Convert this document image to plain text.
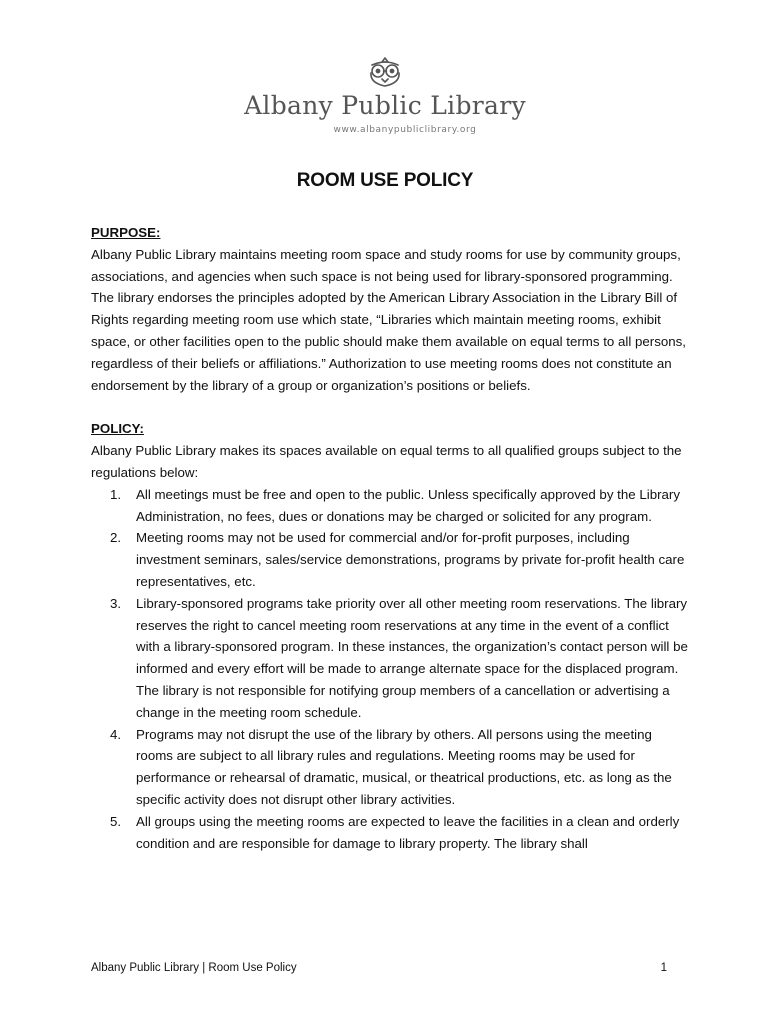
Albany Public Library
www.albanypubliclibrary.org
ROOM USE POLICY
PURPOSE:

Albany Public Library maintains meeting room space and study rooms for use by community groups, associations, and agencies when such space is not being used for library-sponsored programming. The library endorses the principles adopted by the American Library Association in the Library Bill of Rights regarding meeting room use which state, “Libraries which maintain meeting rooms, exhibit space, or other facilities open to the public should make them available on equal terms to all persons, regardless of their beliefs or affiliations.” Authorization to use meeting rooms does not constitute an endorsement by the library of a group or organization’s positions or beliefs.

POLICY:

Albany Public Library makes its spaces available on equal terms to all qualified groups subject to the regulations below:

1. All meetings must be free and open to the public. Unless specifically approved by the Library Administration, no fees, dues or donations may be charged or solicited for any program.
2. Meeting rooms may not be used for commercial and/or for-profit purposes, including investment seminars, sales/service demonstrations, programs by private for-profit health care representatives, etc.
3. Library-sponsored programs take priority over all other meeting room reservations. The library reserves the right to cancel meeting room reservations at any time in the event of a conflict with a library-sponsored program. In these instances, the organization’s contact person will be informed and every effort will be made to arrange alternate space for the displaced program. The library is not responsible for notifying group members of a cancellation or advertising a change in the meeting room schedule.
4. Programs may not disrupt the use of the library by others. All persons using the meeting rooms are subject to all library rules and regulations. Meeting rooms may be used for performance or rehearsal of dramatic, musical, or theatrical productions, etc. as long as the specific activity does not disrupt other library activities.
5. All groups using the meeting rooms are expected to leave the facilities in a clean and orderly condition and are responsible for damage to library property. The library shall
Albany Public Library | Room Use Policy	1
